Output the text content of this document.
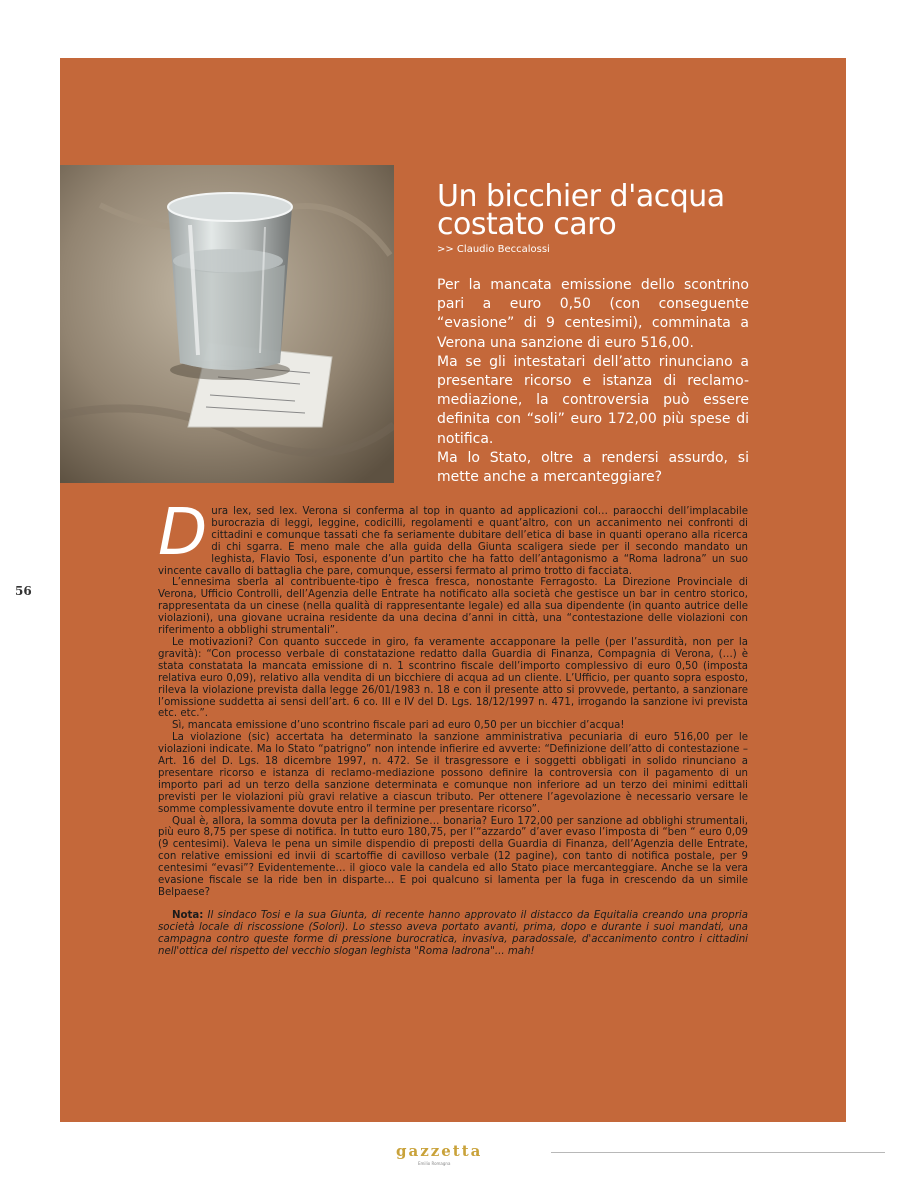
Un bicchier d'acqua
costato caro
>> Claudio Beccalossi

Per la mancata emissione dello scontrino pari a euro 0,50 (con conseguente “evasione” di 9 centesimi), comminata a Verona una sanzione di euro 516,00.

Ma se gli intestatari dell’atto rinunciano a presentare ricorso e istanza di reclamo-mediazione, la controversia può essere definita con “soli” euro 172,00 più spese di notifica.

Ma lo Stato, oltre a rendersi assurdo, si mette anche a mercanteggiare?

D ura lex, sed lex. Verona si conferma al top in quanto ad applicazioni col… paraocchi dell’implacabile burocrazia di leggi, leggine, codicilli, regolamenti e quant’altro, con un accanimento nei confronti di cittadini e comunque tassati che fa seriamente dubitare dell’etica di base in quanti operano alla ricerca di chi sgarra. E meno male che alla guida della Giunta scaligera siede per il secondo mandato un leghista, Flavio Tosi, esponente d’un partito che ha fatto dell’antagonismo a “Roma ladrona” un suo vincente cavallo di battaglia che pare, comunque, essersi fermato al primo trotto di facciata.

L’ennesima sberla al contribuente-tipo è fresca fresca, nonostante Ferragosto. La Direzione Provinciale di Verona, Ufficio Controlli, dell’Agenzia delle Entrate ha notificato alla società che gestisce un bar in centro storico, rappresentata da un cinese (nella qualità di rappresentante legale) ed alla sua dipendente (in quanto autrice delle violazioni), una giovane ucraina residente da una decina d’anni in città, una “contestazione delle violazioni con riferimento a obblighi strumentali”.

Le motivazioni? Con quanto succede in giro, fa veramente accapponare la pelle (per l’assurdità, non per la gravità): “Con processo verbale di constatazione redatto dalla Guardia di Finanza, Compagnia di Verona, (…) è stata constatata la mancata emissione di n. 1 scontrino fiscale dell’importo complessivo di euro 0,50 (imposta relativa euro 0,09), relativo alla vendita di un bicchiere di acqua ad un cliente. L’Ufficio, per quanto sopra esposto, rileva la violazione prevista dalla legge 26/01/1983 n. 18 e con il presente atto si provvede, pertanto, a sanzionare l’omissione suddetta ai sensi dell’art. 6 co. III e IV del D. Lgs. 18/12/1997 n. 471, irrogando la sanzione ivi prevista etc. etc.”.

Sì, mancata emissione d’uno scontrino fiscale pari ad euro 0,50 per un bicchier d’acqua!

La violazione (sic) accertata ha determinato la sanzione amministrativa pecuniaria di euro 516,00 per le violazioni indicate. Ma lo Stato “patrigno” non intende infierire ed avverte: “Definizione dell’atto di contestazione – Art. 16 del D. Lgs. 18 dicembre 1997, n. 472. Se il trasgressore e i soggetti obbligati in solido rinunciano a presentare ricorso e istanza di reclamo-mediazione possono definire la controversia con il pagamento di un importo pari ad un terzo della sanzione determinata e comunque non inferiore ad un terzo dei minimi edittali previsti per le violazioni più gravi relative a ciascun tributo. Per ottenere l’agevolazione è necessario versare le somme complessivamente dovute entro il termine per presentare ricorso”.

Qual è, allora, la somma dovuta per la definizione… bonaria? Euro 172,00 per sanzione ad obblighi strumentali, più euro 8,75 per spese di notifica. In tutto euro 180,75, per l’“azzardo” d’aver evaso l’imposta di “ben “ euro 0,09 (9 centesimi). Valeva le pena un simile dispendio di preposti della Guardia di Finanza, dell’Agenzia delle Entrate, con relative emissioni ed invii di scartoffie di cavilloso verbale (12 pagine), con tanto di notifica postale, per 9 centesimi “evasi”? Evidentemente… il gioco vale la candela ed allo Stato piace mercanteggiare. Anche se la vera evasione fiscale se la ride ben in disparte… E poi qualcuno si lamenta per la fuga in crescendo da un simile Belpaese?

Nota: Il sindaco Tosi e la sua Giunta, di recente hanno approvato il distacco da Equitalia creando una propria società locale di riscossione (Solori). Lo stesso aveva portato avanti, prima, dopo e durante i suoi mandati, una campagna contro queste forme di pressione burocratica, invasiva, paradossale, d'accanimento contro i cittadini nell'ottica del rispetto del vecchio slogan leghista "Roma ladrona"... mah!

56
gazzetta
Emilio Romagna
